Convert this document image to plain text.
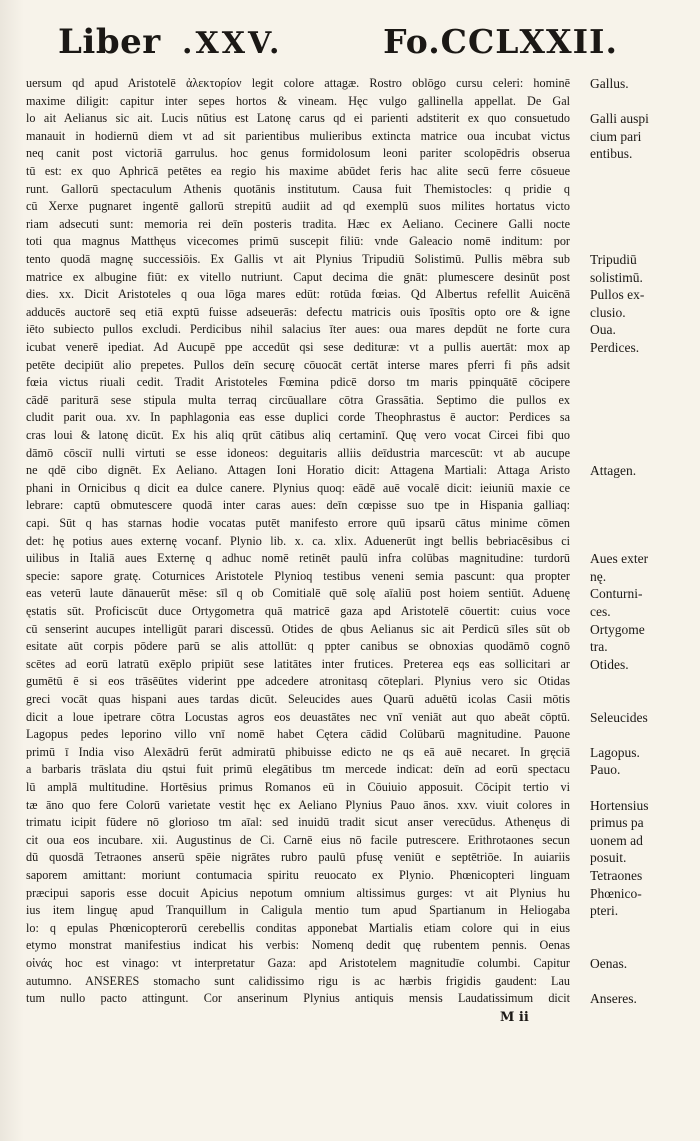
Liber .XXV.	Fo.CCLXXII.
uersum qd apud Aristotelē ἀλεκτορίον legit colore attagæ. Rostro oblōgo cursu celeri: hominē
maxime diligit: capitur inter sepes hortos & vineam. Hęc vulgo gallinella appellat. De Gal
lo ait Aelianus sic ait. Lucis nūtius est Latonę carus qd ei parienti adstiterit ex quo consuetudo
manauit in hodiernū diem vt ad sit parientibus mulieribus extincta matrice oua incubat victus
neq canit post victoriā garrulus. hoc genus formidolosum leoni pariter scolopēdris obserua
tū est: ex quo Aphricā petētes ea regio his maxime abūdet feris hac alite secū ferre cōsueue
runt. Gallorū spectaculum Athenis quotānis institutum. Causa fuit Themistocles: q pridie q
cū Xerxe pugnaret ingentē gallorū strepitū audiit ad qd exemplū suos milites hortatus victo
riam adsecuti sunt: memoria rei deīn posteris tradita. Hæc ex Aeliano. Cecinere Galli nocte
toti qua magnus Matthęus vicecomes primū suscepit filiū: vnde Galeacio nomē inditum: por
tento quodā magnę successiōis. Ex Gallis vt ait Plynius Tripudiū Solistimū. Pullis mēbra sub
matrice ex albugine fiūt: ex vitello nutriunt. Caput decima die gnāt: plumescere desinūt post
dies. xx. Dicit Aristoteles q oua lōga mares edūt: rotūda fœias. Qd Albertus refellit Auicēnā
adducēs auctorē seq etiā exptū fuisse adseuerās: defectu matricis ouis īposītis opto ore & igne
iēto subiecto pullos excludi. Perdicibus nihil salacius īter aues: oua mares depdūt ne forte cura
icubat venerē ipediat. Ad Aucupē ppe accedūt qsi sese dedituræ: vt a pullis auertāt: mox ap
petēte decipiūt alio prepetes. Pullos deīn securę cōuocāt certāt interse mares pferri fi pñs adsit
fœia victus riuali cedit. Tradit Aristoteles Fœmina pdicē dorso tm maris ppinquātē cōcipere
cādē pariturā sese stipula multa terraq circūuallare cōtra Grassātia. Septimo die pullos ex
cludit parit oua. xv. In paphlagonia eas esse duplici corde Theophrastus ē auctor: Perdices sa
cras loui & latonę dicūt. Ex his aliq qrūt cātibus aliq certaminī. Quę vero vocat Circei fibi quo
dāmō cōsciī nulli virtuti se esse idoneos: deguitaris alliis deīdustria marcescūt: vt ab aucupe
ne qdē cibo dignēt. Ex Aeliano. Attagen Ioni Horatio dicit: Attagena Martiali: Attaga Aristo
phani in Ornicibus q dicit ea dulce canere. Plynius quoq: eādē auē vocalē dicit: ieiuniū maxie ce
lebrare: captū obmutescere quodā inter caras aues: deīn cœpisse suo tpe in Hispania galliaq:
capi. Sūt q has starnas hodie vocatas putēt manifesto errore quū ipsarū cātus minime cōmen
det: hę potius aues externę vocanf. Plynio lib. x. ca. xlix. Aduenerūt ingt bellis bebriacēsibus ci
uilibus in Italiā aues Externę q adhuc nomē retinēt paulū infra colūbas magnitudine: turdorū
specie: sapore gratę. Coturnices Aristotele Plynioq testibus veneni semia pascunt: qua propter
eas veterū laute dānauerūt mēse: sīl q ob Comitialē quē solę aīaliū post hoiem sentiūt. Aduenę
ęstatis sūt. Proficiscūt duce Ortygometra quā matricē gaza apd Aristotelē cōuertit: cuius voce
cū senserint aucupes intelligūt parari discessū. Otides de qbus Aelianus sic ait Perdicū sīles sūt ob
esitate aūt corpis pōdere parū se alis attollūt: q ppter canibus se obnoxias quodāmō cognō
scētes ad eorū latratū exēplo pripiūt sese latitātes inter frutices. Preterea eqs eas sollicitari ar
gumētū ē si eos trāsēūtes viderint ppe adcedere atronitasq cōteplari. Plynius vero sic Otidas
greci vocāt quas hispani aues tardas dicūt. Seleucides aues Quarū aduētū icolas Casii mōtis
dicit a loue ipetrare cōtra Locustas agros eos deuastātes nec vnī veniāt aut quo abeāt cōptū.
Lagopus pedes leporino villo vnī nomē habet Cętera cādid Colūbarū magnitudine. Pauone
primū ī India viso Alexādrū ferūt admiratū phibuisse edicto ne qs eā auē necaret. In gręciā
a barbaris trāslata diu qstui fuit primū elegātibus tm mercede indicat: deīn ad eorū spectacu
lū amplā multitudine. Hortēsius primus Romanos eū in Cōuiuio apposuit. Cōcipit tertio vi
tæ āno quo fere Colorū varietate vestit hęc ex Aeliano Plynius Pauo ānos. xxv. viuit colores in
trimatu icipit fūdere nō glorioso tm aīal: sed inuidū tradit sicut anser verecūdus. Athenęus di
cit oua eos incubare. xii. Augustinus de Ci. Carnē eius nō facile putrescere. Erithrotaones secun
dū quosdā Tetraones anserū spēie nigrātes rubro paulū pfusę veniūt e septētriōe. In auiariis
saporem amittant: moriunt contumacia spiritu reuocato ex Plynio. Phœnicopteri linguam
præcipui saporis esse docuit Apicius nepotum omnium altissimus gurges: vt ait Plynius hu
ius item linguę apud Tranquillum in Caligula mentio tum apud Spartianum in Heliogaba
lo: q epulas Phœnicopterorū cerebellis conditas apponebat Martialis etiam colore qui in eius
etymo monstrat manifestius indicat his verbis: Nomenq dedit quę rubentem pennis. Oenas
οἰνάς hoc est vinago: vt interpretatur Gaza: apd Aristotelem magnitudīe columbi. Capitur
autumno. ANSERES stomacho sunt calidissimo rigu is ac hærbis frigidis gaudent: Lau
tum nullo pacto attingunt. Cor anserinum Plynius antiquis mensis Laudatissimum dicit
Gallus.
Galli auspi
cium pari
entibus.
Tripudiū
solistimū.
Pullos ex-
clusio.
Oua.
Perdices.
Attagen.
Aues exter
nę.
Conturni-
ces.
Ortygome
tra.
Otides.
Seleucides
Lagopus.
Pauo.
Hortensius
primus pa
uonem ad
posuit.
Tetraones
Phœnico-
pteri.
Oenas.
Anseres.
M ii
